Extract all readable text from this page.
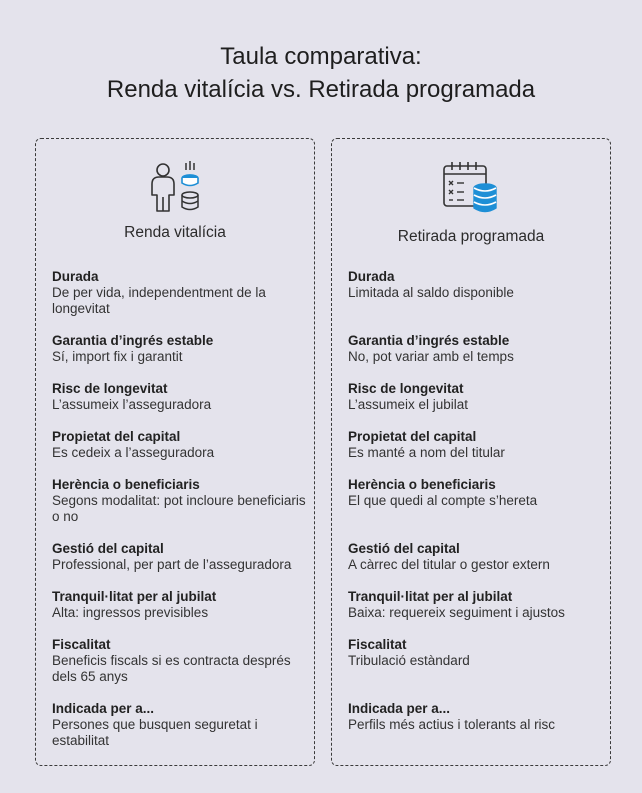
Taula comparativa:
Renda vitalícia vs. Retirada programada
Renda vitalícia
Durada
De per vida, independentment de la longevitat
Garantia d’ingrés estable
Sí, import fix i garantit
Risc de longevitat
L’assumeix l’asseguradora
Propietat del capital
Es cedeix a l’asseguradora
Herència o beneficiaris
Segons modalitat: pot incloure beneficiaris o no
Gestió del capital
Professional, per part de l’asseguradora
Tranquil·litat per al jubilat
Alta: ingressos previsibles
Fiscalitat
Beneficis fiscals si es contracta després dels 65 anys
Indicada per a...
Persones que busquen seguretat i estabilitat
Retirada programada
Durada
Limitada al saldo disponible
Garantia d’ingrés estable
No, pot variar amb el temps
Risc de longevitat
L’assumeix el jubilat
Propietat del capital
Es manté a nom del titular
Herència o beneficiaris
El que quedi al compte s’hereta
Gestió del capital
A càrrec del titular o gestor extern
Tranquil·litat per al jubilat
Baixa: requereix seguiment i ajustos
Fiscalitat
Tribulació estàndard
Indicada per a...
Perfils més actius i tolerants al risc
